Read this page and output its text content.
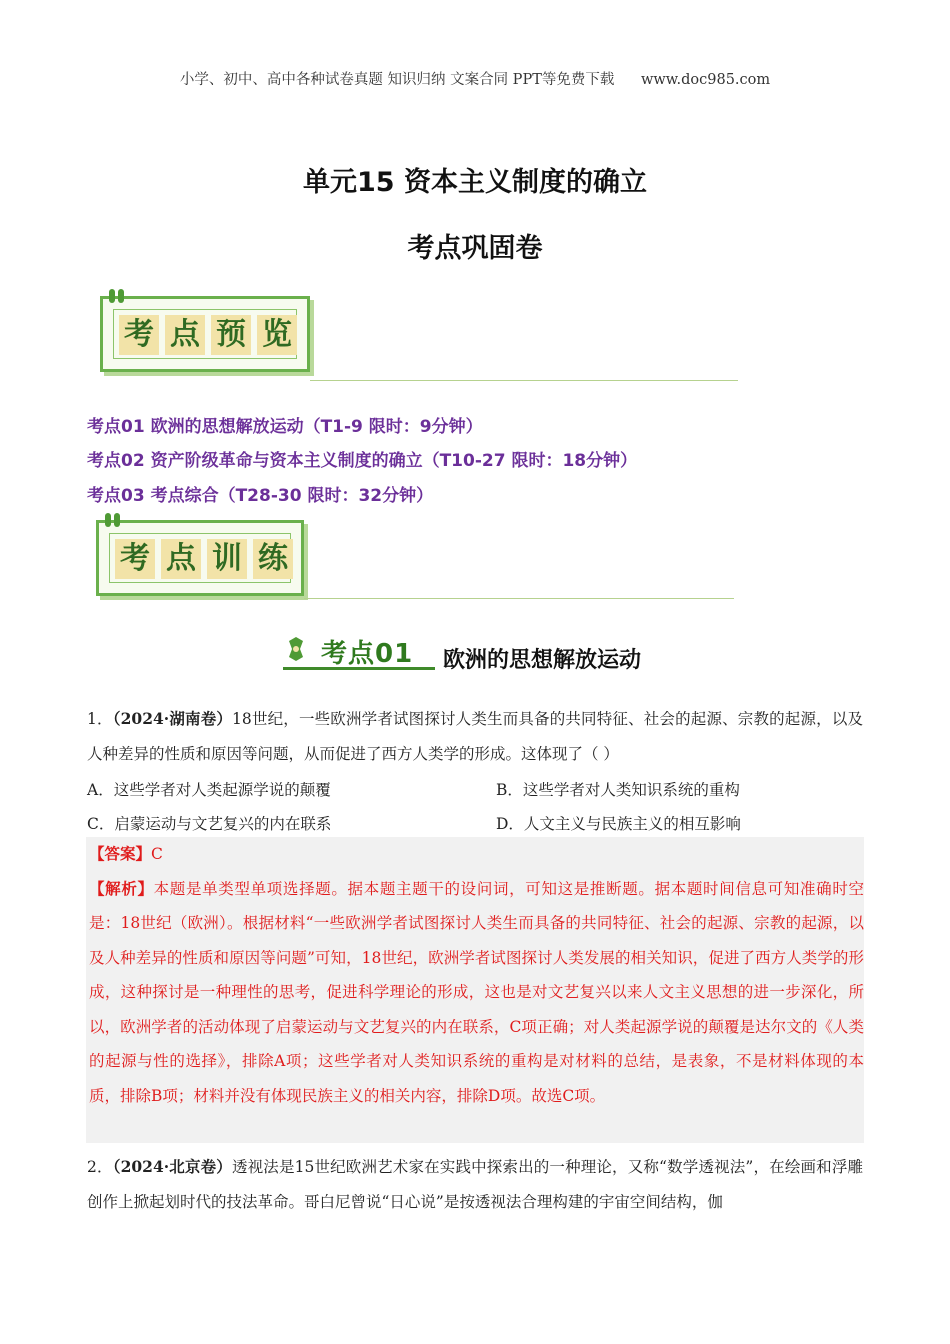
小学、初中、高中各种试卷真题 知识归纳 文案合同 PPT等免费下载 www.doc985.com
单元15 资本主义制度的确立
考点巩固卷
考 点 预 览
考点01 欧洲的思想解放运动（T1-9 限时：9分钟）
考点02 资产阶级革命与资本主义制度的确立（T10-27 限时：18分钟）
考点03 考点综合（T28-30 限时：32分钟）
考 点 训 练
考点01 欧洲的思想解放运动
1．（2024·湖南卷）18世纪，一些欧洲学者试图探讨人类生而具备的共同特征、社会的起源、宗教的起源，以及人种差异的性质和原因等问题，从而促进了西方人类学的形成。这体现了（ ）
A．这些学者对人类起源学说的颠覆	B．这些学者对人类知识系统的重构
C．启蒙运动与文艺复兴的内在联系	D．人文主义与民族主义的相互影响
【答案】C
【解析】本题是单类型单项选择题。据本题主题干的设问词，可知这是推断题。据本题时间信息可知准确时空是：18世纪（欧洲）。根据材料“一些欧洲学者试图探讨人类生而具备的共同特征、社会的起源、宗教的起源，以及人种差异的性质和原因等问题”可知，18世纪，欧洲学者试图探讨人类发展的相关知识，促进了西方人类学的形成，这种探讨是一种理性的思考，促进科学理论的形成，这也是对文艺复兴以来人文主义思想的进一步深化，所以，欧洲学者的活动体现了启蒙运动与文艺复兴的内在联系，C项正确；对人类起源学说的颠覆是达尔文的《人类的起源与性的选择》，排除A项；这些学者对人类知识系统的重构是对材料的总结，是表象，不是材料体现的本质，排除B项；材料并没有体现民族主义的相关内容，排除D项。故选C项。
2．（2024·北京卷）透视法是15世纪欧洲艺术家在实践中探索出的一种理论，又称“数学透视法”，在绘画和浮雕创作上掀起划时代的技法革命。哥白尼曾说“日心说”是按透视法合理构建的宇宙空间结构，伽
